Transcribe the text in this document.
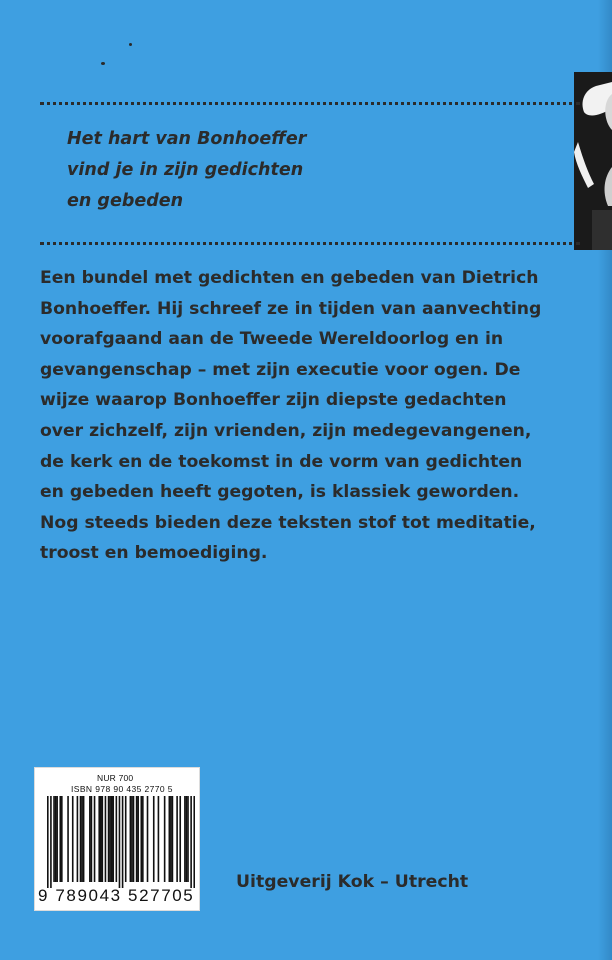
Het hart van Bonhoeffer
vind je in zijn gedichten
en gebeden
Een bundel met gedichten en gebeden van Dietrich
Bonhoeffer. Hij schreef ze in tijden van aanvechting
voorafgaand aan de Tweede Wereldoorlog en in
gevangenschap – met zijn executie voor ogen. De
wijze waarop Bonhoeffer zijn diepste gedachten
over zichzelf, zijn vrienden, zijn medegevangenen,
de kerk en de toekomst in de vorm van gedichten
en gebeden heeft gegoten, is klassiek geworden.
Nog steeds bieden deze teksten stof tot meditatie,
troost en bemoediging.
NUR 700
ISBN 978 90 435 2770 5
9 789043 527705
Uitgeverij Kok – Utrecht
